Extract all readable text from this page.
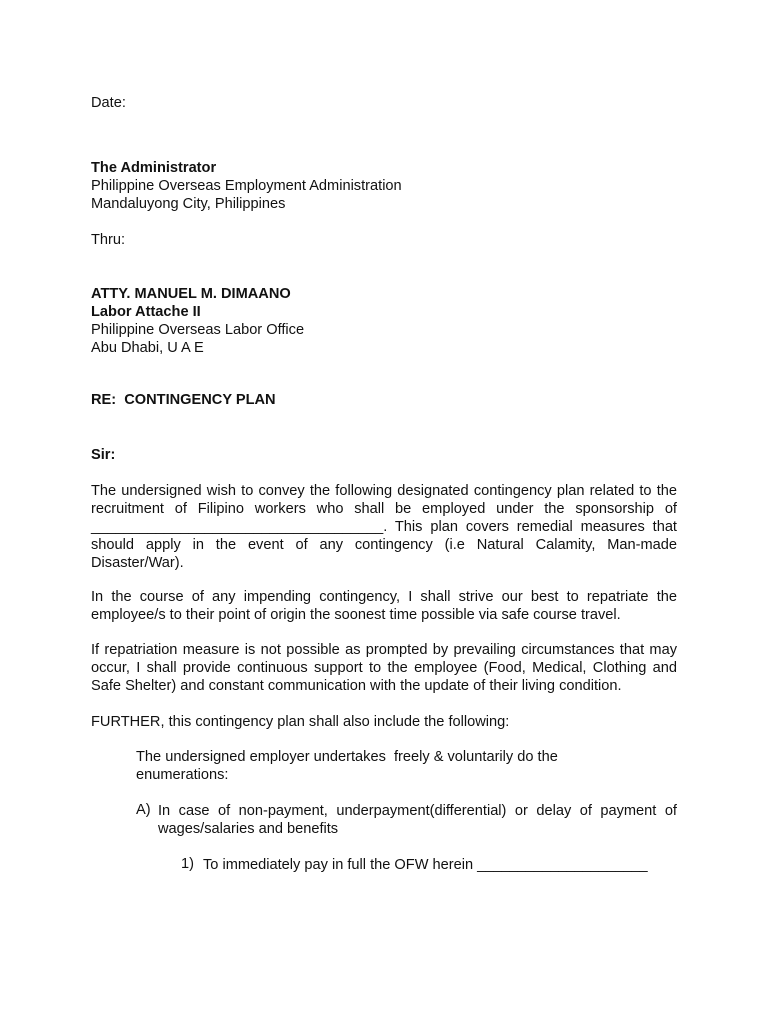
Date:

The Administrator

Philippine Overseas Employment Administration

Mandaluyong City, Philippines

Thru:

ATTY. MANUEL M. DIMAANO

Labor Attache II

Philippine Overseas Labor Office

Abu Dhabi, U A E

RE:  CONTINGENCY PLAN

Sir:

The undersigned wish to convey the following designated contingency plan related to the recruitment of Filipino workers who shall be employed under the sponsorship of ____________________________________. This plan covers remedial measures that should apply in the event of any contingency (i.e Natural Calamity, Man-made Disaster/War).

In the course of any impending contingency, I shall strive our best to repatriate the employee/s to their point of origin the soonest time possible via safe course travel.

If repatriation measure is not possible as prompted by prevailing circumstances that may occur, I shall provide continuous support to the employee (Food, Medical, Clothing and Safe Shelter) and constant communication with the update of their living condition.

FURTHER, this contingency plan shall also include the following:

The undersigned employer undertakes  freely & voluntarily do the enumerations:

A) In case of non-payment, underpayment(differential) or delay of payment of wages/salaries and benefits

1) To immediately pay in full the OFW herein _____________________
